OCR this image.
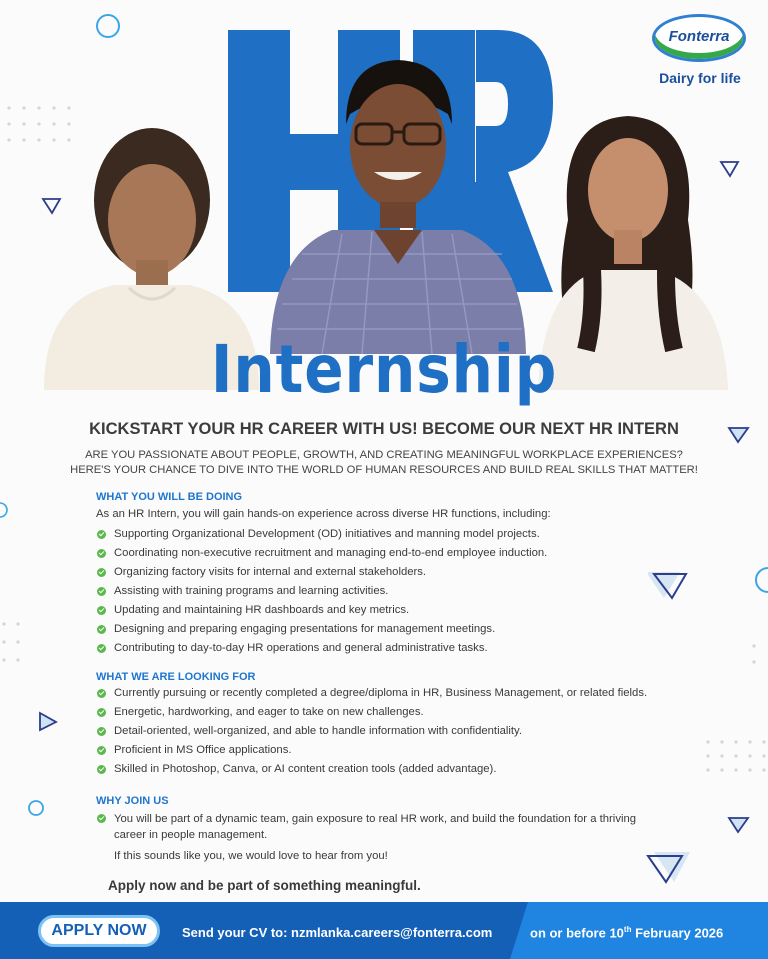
Internship
Fonterra
Dairy for life
KICKSTART YOUR HR CAREER WITH US! BECOME OUR NEXT HR INTERN
ARE YOU PASSIONATE ABOUT PEOPLE, GROWTH, AND CREATING MEANINGFUL WORKPLACE EXPERIENCES?
HERE'S YOUR CHANCE TO DIVE INTO THE WORLD OF HUMAN RESOURCES AND BUILD REAL SKILLS THAT MATTER!
WHAT YOU WILL BE DOING
As an HR Intern, you will gain hands-on experience across diverse HR functions, including:
Supporting Organizational Development (OD) initiatives and manning model projects.
Coordinating non-executive recruitment and managing end-to-end employee induction.
Organizing factory visits for internal and external stakeholders.
Assisting with training programs and learning activities.
Updating and maintaining HR dashboards and key metrics.
Designing and preparing engaging presentations for management meetings.
Contributing to day-to-day HR operations and general administrative tasks.
WHAT WE ARE LOOKING FOR
Currently pursuing or recently completed a degree/diploma in HR, Business Management, or related fields.
Energetic, hardworking, and eager to take on new challenges.
Detail-oriented, well-organized, and able to handle information with confidentiality.
Proficient in MS Office applications.
Skilled in Photoshop, Canva, or AI content creation tools (added advantage).
WHY JOIN US
You will be part of a dynamic team, gain exposure to real HR work, and build the foundation for a thriving career in people management.
If this sounds like you, we would love to hear from you!
Apply now and be part of something meaningful.
APPLY NOW	Send your CV to: nzmlanka.careers@fonterra.com	on or before 10th February 2026
